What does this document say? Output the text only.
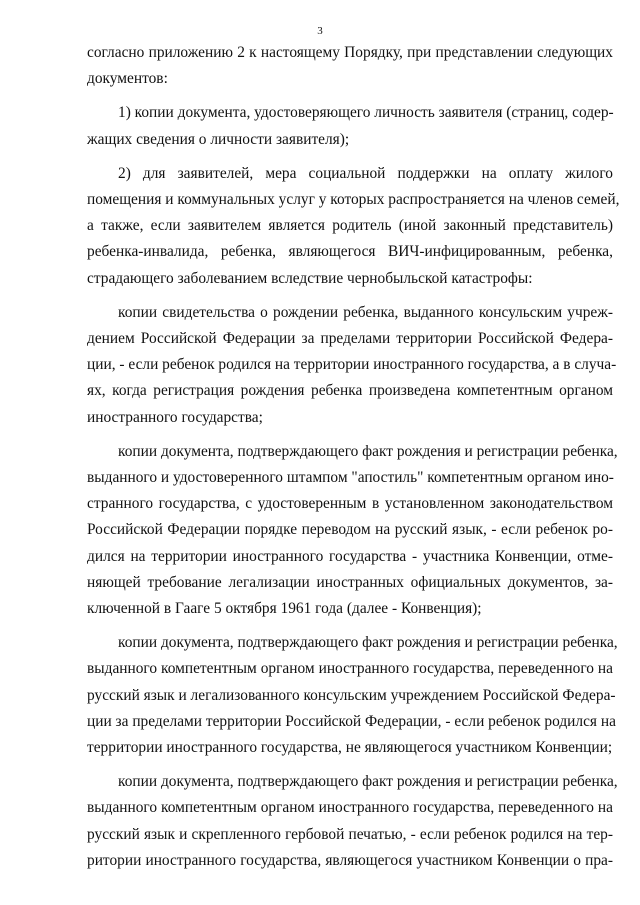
3
согласно приложению 2 к настоящему Порядку, при представлении следующих
документов:
1) копии документа, удостоверяющего личность заявителя (страниц, содер-
жащих сведения о личности заявителя);
2) для заявителей, мера социальной поддержки на оплату жилого
помещения и коммунальных услуг у которых распространяется на членов семей,
а также, если заявителем является родитель (иной законный представитель)
ребенка-инвалида, ребенка, являющегося ВИЧ-инфицированным, ребенка,
страдающего заболеванием вследствие чернобыльской катастрофы:
копии свидетельства о рождении ребенка, выданного консульским учреж-
дением Российской Федерации за пределами территории Российской Федера-
ции, - если ребенок родился на территории иностранного государства, а в случа-
ях, когда регистрация рождения ребенка произведена компетентным органом
иностранного государства;
копии документа, подтверждающего факт рождения и регистрации ребенка,
выданного и удостоверенного штампом "апостиль" компетентным органом ино-
странного государства, с удостоверенным в установленном законодательством
Российской Федерации порядке переводом на русский язык, - если ребенок ро-
дился на территории иностранного государства - участника Конвенции, отме-
няющей требование легализации иностранных официальных документов, за-
ключенной в Гааге 5 октября 1961 года (далее - Конвенция);
копии документа, подтверждающего факт рождения и регистрации ребенка,
выданного компетентным органом иностранного государства, переведенного на
русский язык и легализованного консульским учреждением Российской Федера-
ции за пределами территории Российской Федерации, - если ребенок родился на
территории иностранного государства, не являющегося участником Конвенции;
копии документа, подтверждающего факт рождения и регистрации ребенка,
выданного компетентным органом иностранного государства, переведенного на
русский язык и скрепленного гербовой печатью, - если ребенок родился на тер-
ритории иностранного государства, являющегося участником Конвенции о пра-
